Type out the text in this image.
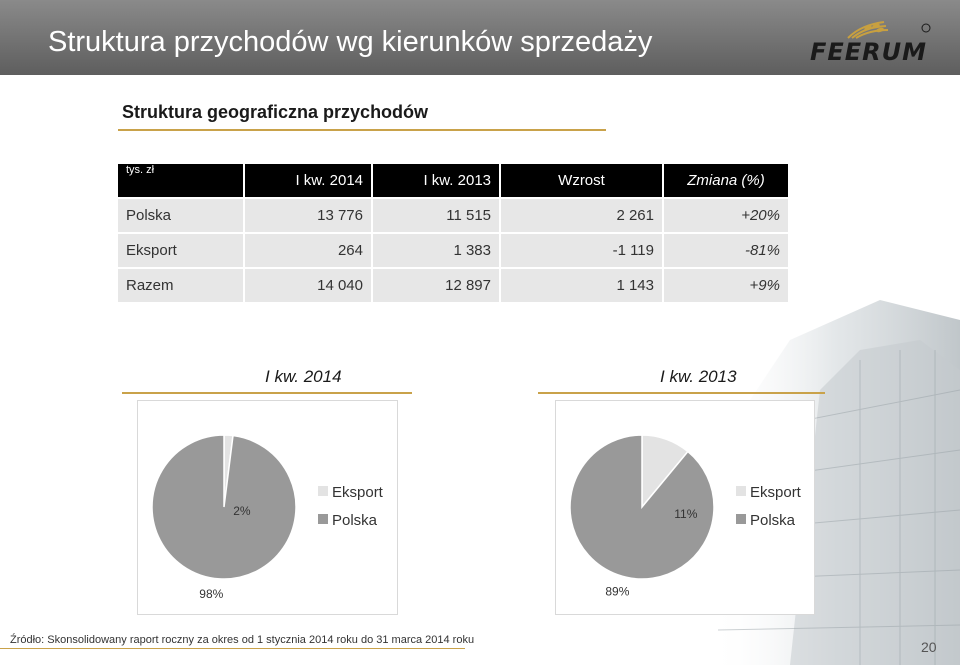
Struktura przychodów wg kierunków sprzedaży	FEERUM
Struktura geograficzna przychodów
tys. zł	I kw. 2014	I kw. 2013	Wzrost	Zmiana (%)
Polska	13 776	11 515	2 261	+20%
Eksport	264	1 383	-1 119	-81%
Razem	14 040	12 897	1 143	+9%
I kw. 2014	I kw. 2013
2%
98%
Eksport
Polska	11%
89%
Eksport
Polska
Źródło: Skonsolidowany raport roczny za okres od 1 stycznia 2014 roku do 31 marca 2014 roku	20
